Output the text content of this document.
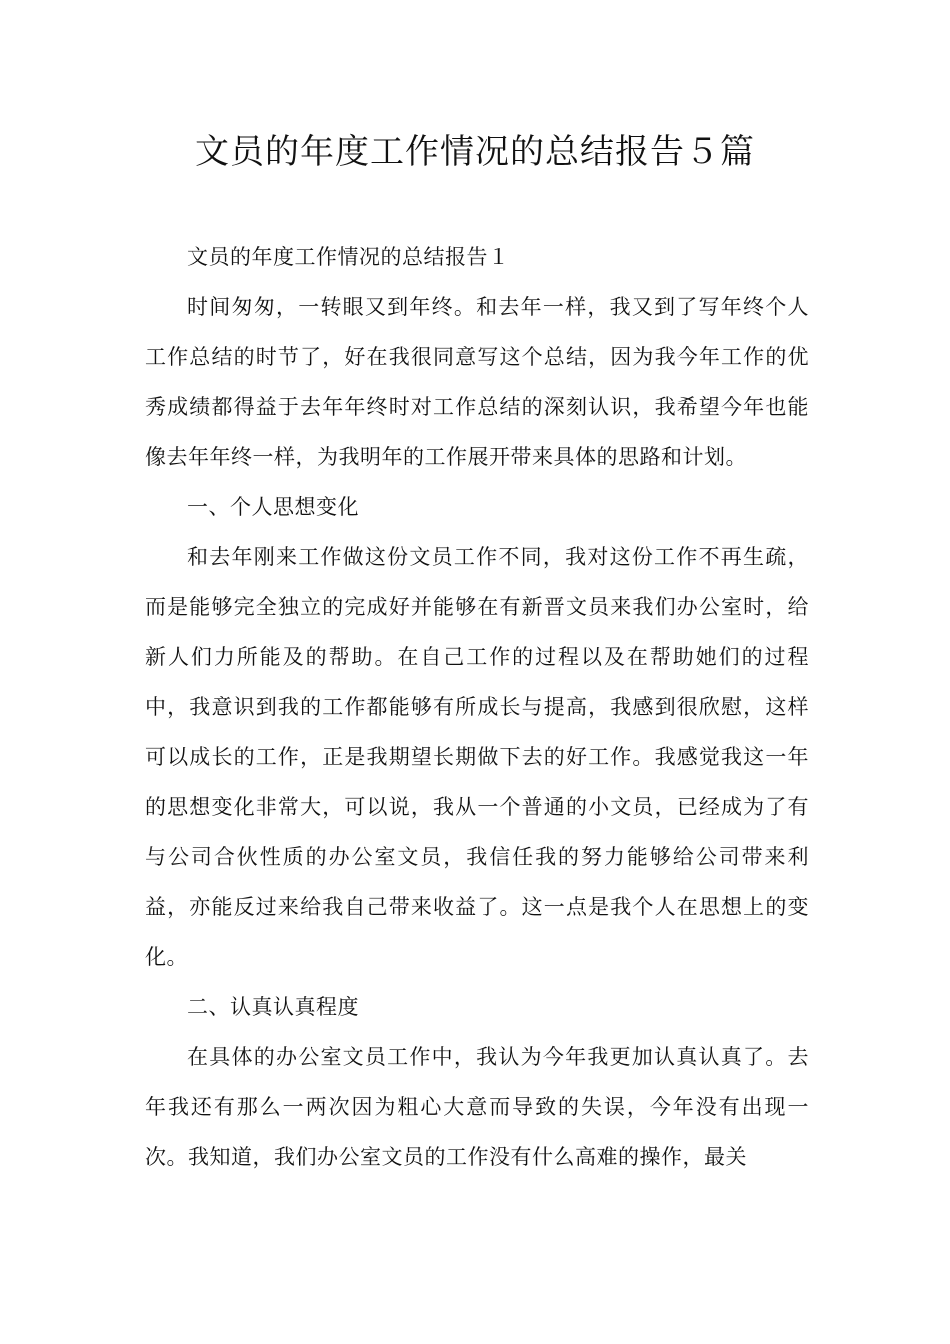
文员的年度工作情况的总结报告５篇

文员的年度工作情况的总结报告１

时间匆匆，一转眼又到年终。和去年一样，我又到了写年终个人工作总结的时节了，好在我很同意写这个总结，因为我今年工作的优秀成绩都得益于去年年终时对工作总结的深刻认识，我希望今年也能像去年年终一样，为我明年的工作展开带来具体的思路和计划。

一、个人思想变化

和去年刚来工作做这份文员工作不同，我对这份工作不再生疏，而是能够完全独立的完成好并能够在有新晋文员来我们办公室时，给新人们力所能及的帮助。在自己工作的过程以及在帮助她们的过程中，我意识到我的工作都能够有所成长与提高，我感到很欣慰，这样可以成长的工作，正是我期望长期做下去的好工作。我感觉我这一年的思想变化非常大，可以说，我从一个普通的小文员，已经成为了有与公司合伙性质的办公室文员，我信任我的努力能够给公司带来利益，亦能反过来给我自己带来收益了。这一点是我个人在思想上的变化。

二、认真认真程度

在具体的办公室文员工作中，我认为今年我更加认真认真了。去年我还有那么一两次因为粗心大意而导致的失误，今年没有出现一次。我知道，我们办公室文员的工作没有什么高难的操作，最关
